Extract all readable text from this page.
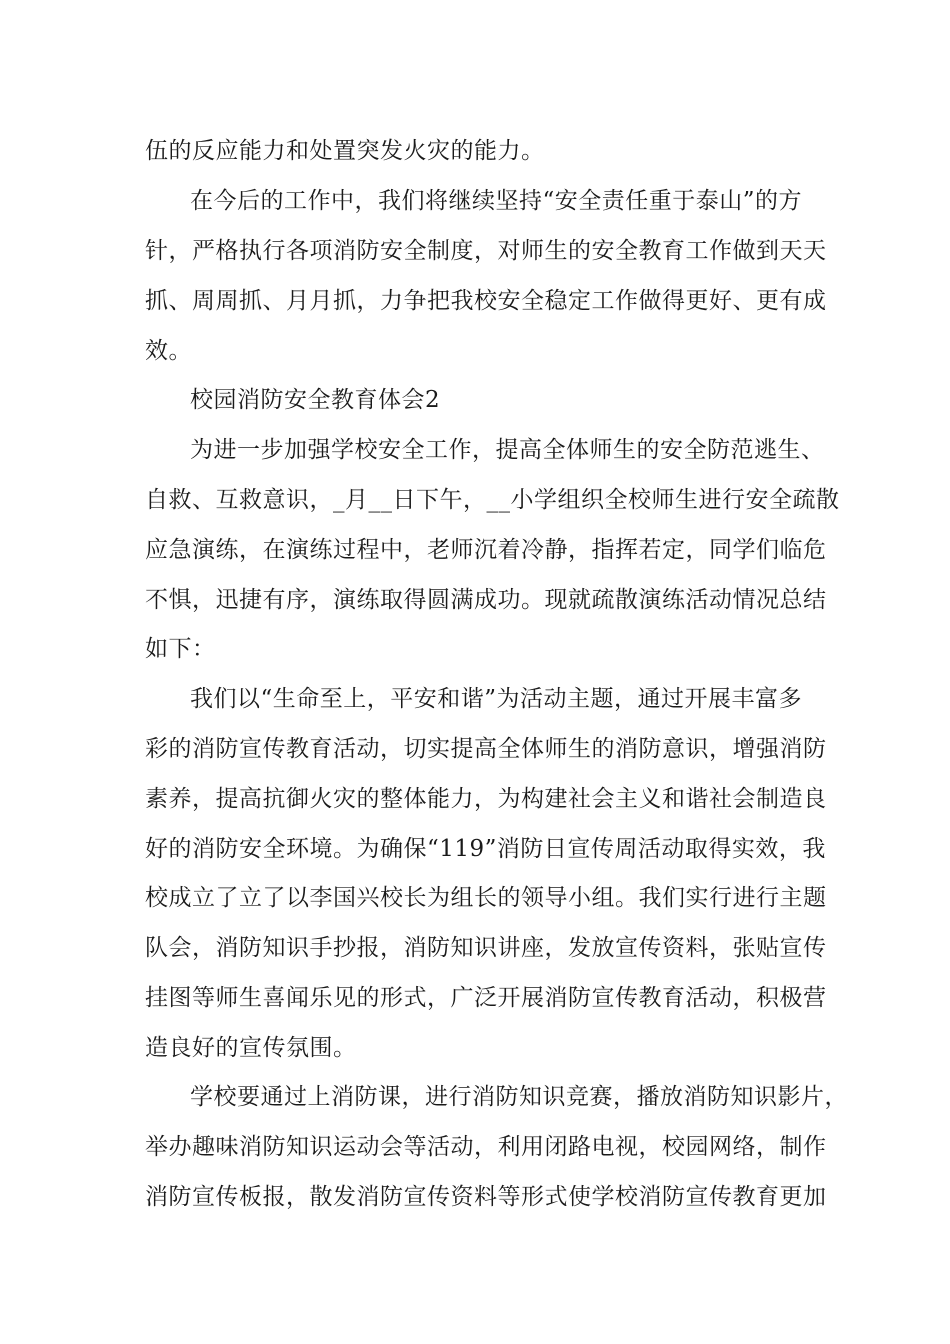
伍的反应能力和处置突发火灾的能力。
在今后的工作中，我们将继续坚持“安全责任重于泰山”的方
针，严格执行各项消防安全制度，对师生的安全教育工作做到天天
抓、周周抓、月月抓，力争把我校安全稳定工作做得更好、更有成
效。
校园消防安全教育体会2
为进一步加强学校安全工作，提高全体师生的安全防范逃生、
自救、互救意识，_月__日下午，__小学组织全校师生进行安全疏散
应急演练，在演练过程中，老师沉着冷静，指挥若定，同学们临危
不惧，迅捷有序，演练取得圆满成功。现就疏散演练活动情况总结
如下：
我们以“生命至上，平安和谐”为活动主题，通过开展丰富多
彩的消防宣传教育活动，切实提高全体师生的消防意识，增强消防
素养，提高抗御火灾的整体能力，为构建社会主义和谐社会制造良
好的消防安全环境。为确保“119”消防日宣传周活动取得实效，我
校成立了立了以李国兴校长为组长的领导小组。我们实行进行主题
队会，消防知识手抄报，消防知识讲座，发放宣传资料，张贴宣传
挂图等师生喜闻乐见的形式，广泛开展消防宣传教育活动，积极营
造良好的宣传氛围。
学校要通过上消防课，进行消防知识竞赛，播放消防知识影片，
举办趣味消防知识运动会等活动，利用闭路电视，校园网络，制作
消防宣传板报，散发消防宣传资料等形式使学校消防宣传教育更加
